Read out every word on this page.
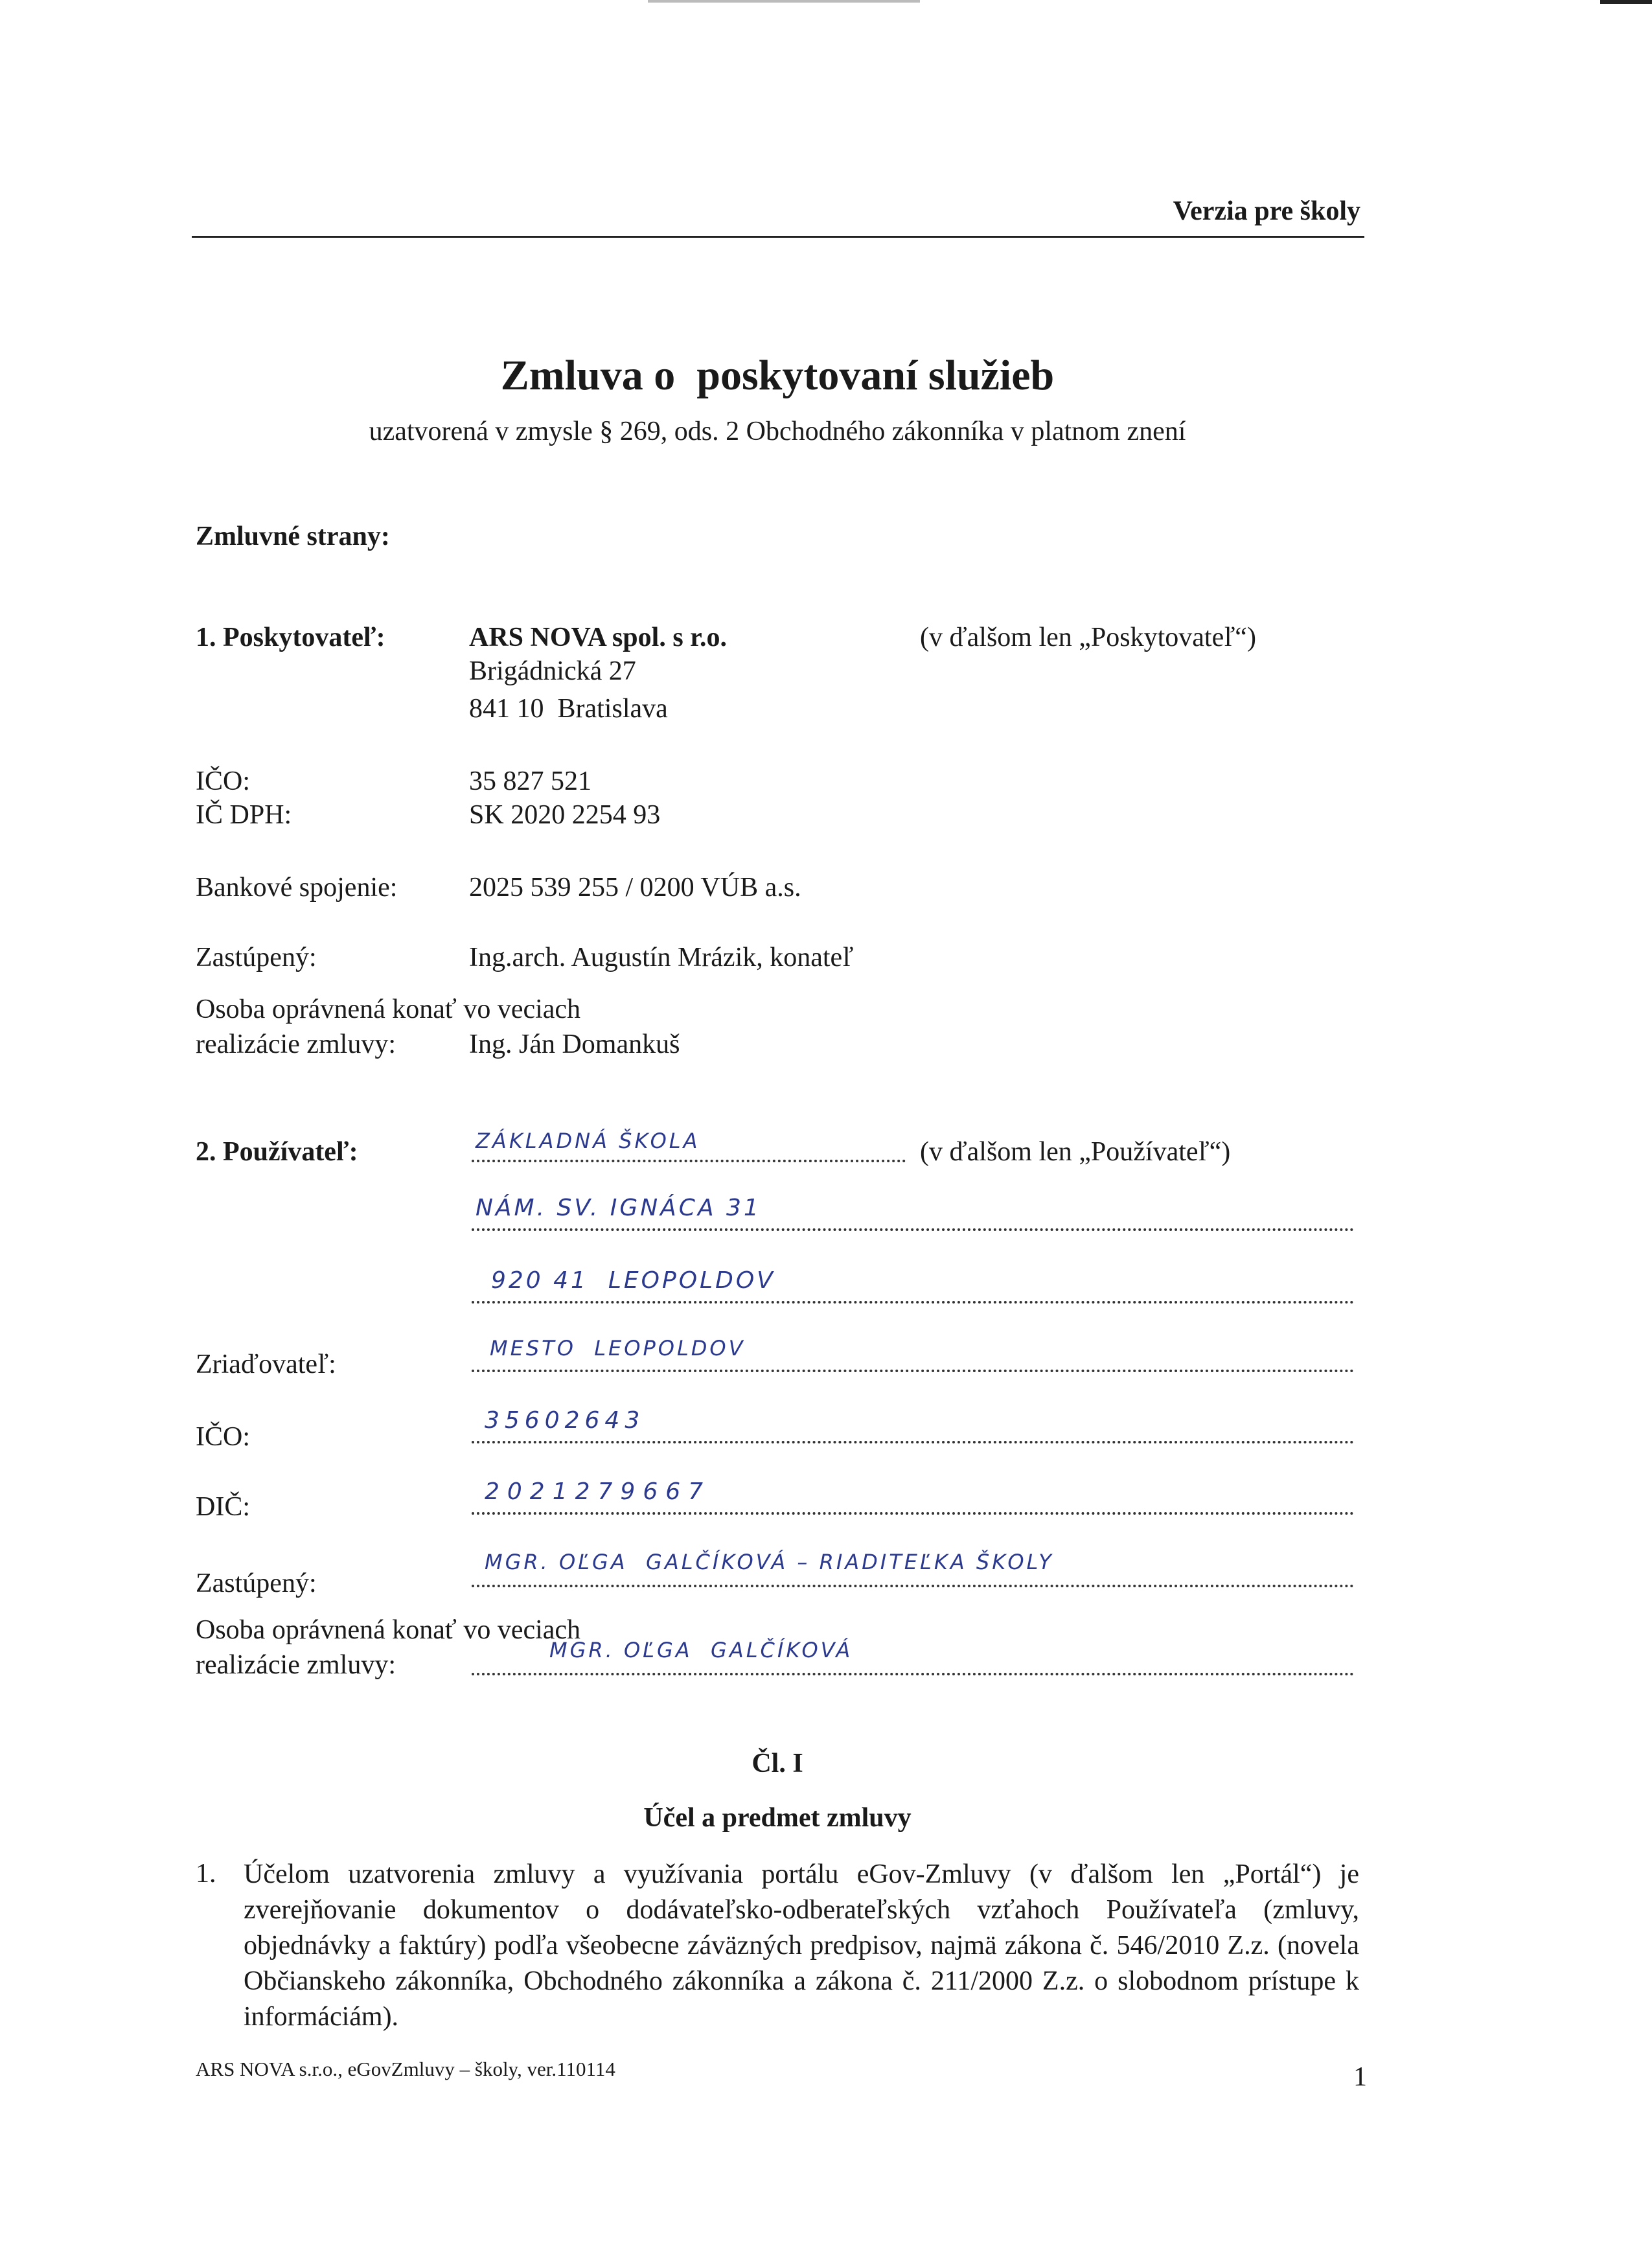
Verzia pre školy
Zmluva o  poskytovaní služieb
uzatvorená v zmysle § 269, ods. 2 Obchodného zákonníka v platnom znení
Zmluvné strany:
1. Poskytovateľ:	ARS NOVA spol. s r.o.	(v ďalšom len „Poskytovateľ“)
Brigádnická 27
841 10  Bratislava
IČO:	35 827 521
IČ DPH:	SK 2020 2254 93
Bankové spojenie:	2025 539 255 / 0200 VÚB a.s.
Zastúpený:	Ing.arch. Augustín Mrázik, konateľ
Osoba oprávnená konať vo veciach
realizácie zmluvy:	Ing. Ján Domankuš
2. Používateľ:	ZÁKLADNÁ ŠKOLA	(v ďalšom len „Používateľ“)
NÁM. SV. IGNÁCA 31
920 41  LEOPOLDOV
Zriaďovateľ:
MESTO  LEOPOLDOV
IČO:
35602643
DIČ:
2021279667
Zastúpený:
MGR. OĽGA  GALČÍKOVÁ – RIADITEĽKA ŠKOLY
Osoba oprávnená konať vo veciach
realizácie zmluvy:	MGR. OĽGA  GALČÍKOVÁ
Čl. I
Účel a predmet zmluvy
1. Účelom uzatvorenia zmluvy a využívania portálu eGov-Zmluvy (v ďalšom len „Portál“) je zverejňovanie dokumentov o dodávateľsko-odberateľských vzťahoch Používateľa (zmluvy, objednávky a faktúry) podľa všeobecne záväzných predpisov, najmä zákona č. 546/2010 Z.z. (novela Občianskeho zákonníka, Obchodného zákonníka a zákona č. 211/2000 Z.z. o slobodnom prístupe k informáciám).
ARS NOVA s.r.o., eGovZmluvy – školy, ver.110114	1
